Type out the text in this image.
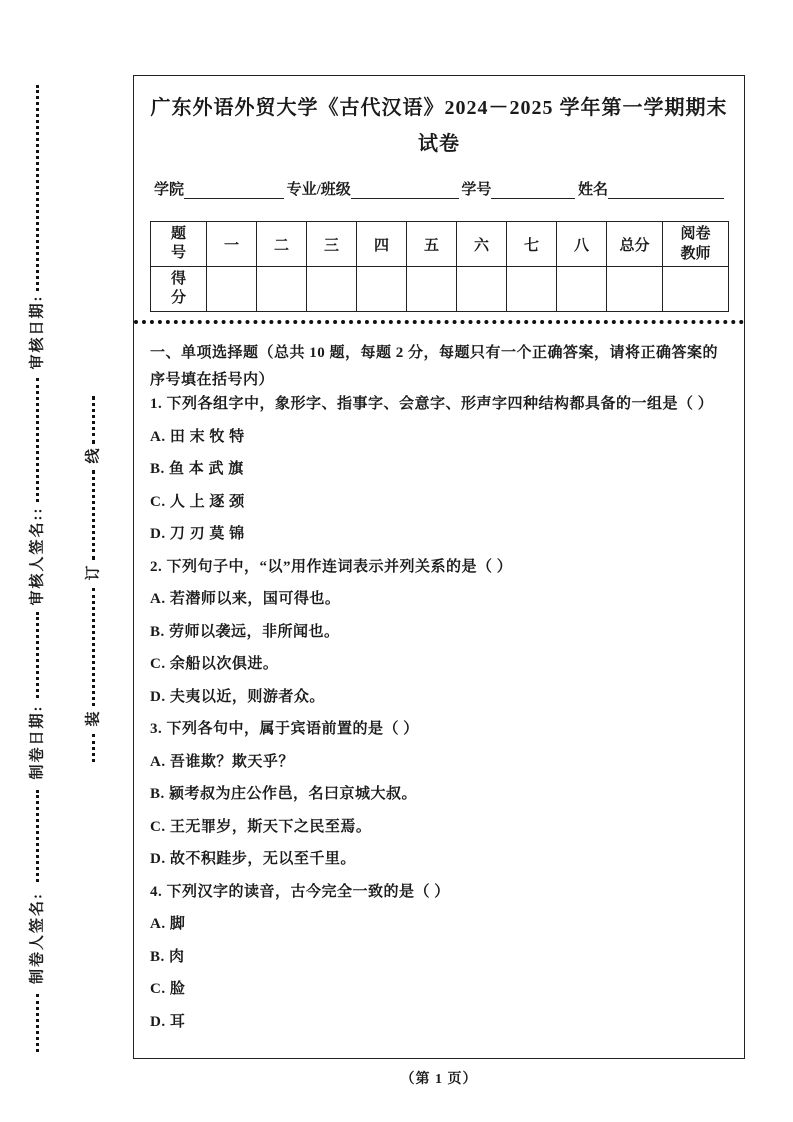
审核日期:
审核人签名::
制卷日期:
制卷人签名:
线
订
装
广东外语外贸大学《古代汉语》2024－2025 学年第一学期期末试卷
学院	专业/班级	学号	姓名
题号	一	二	三	四	五	六	七	八	总分	阅卷教师
得分										
一、单项选择题（总共 10 题，每题 2 分，每题只有一个正确答案，请将正确答案的序号填在括号内）
1. 下列各组字中，象形字、指事字、会意字、形声字四种结构都具备的一组是（ ）
A. 田 末 牧 特
B. 鱼 本 武 旗
C. 人 上 逐 颈
D. 刀 刃 莫 锦
2. 下列句子中，“以”用作连词表示并列关系的是（ ）
A. 若潜师以来，国可得也。
B. 劳师以袭远，非所闻也。
C. 余船以次俱进。
D. 夫夷以近，则游者众。
3. 下列各句中，属于宾语前置的是（ ）
A. 吾谁欺？欺天乎？
B. 颍考叔为庄公作邑，名曰京城大叔。
C. 王无罪岁，斯天下之民至焉。
D. 故不积跬步，无以至千里。
4. 下列汉字的读音，古今完全一致的是（ ）
A. 脚
B. 肉
C. 脸
D. 耳
（第 1 页）
